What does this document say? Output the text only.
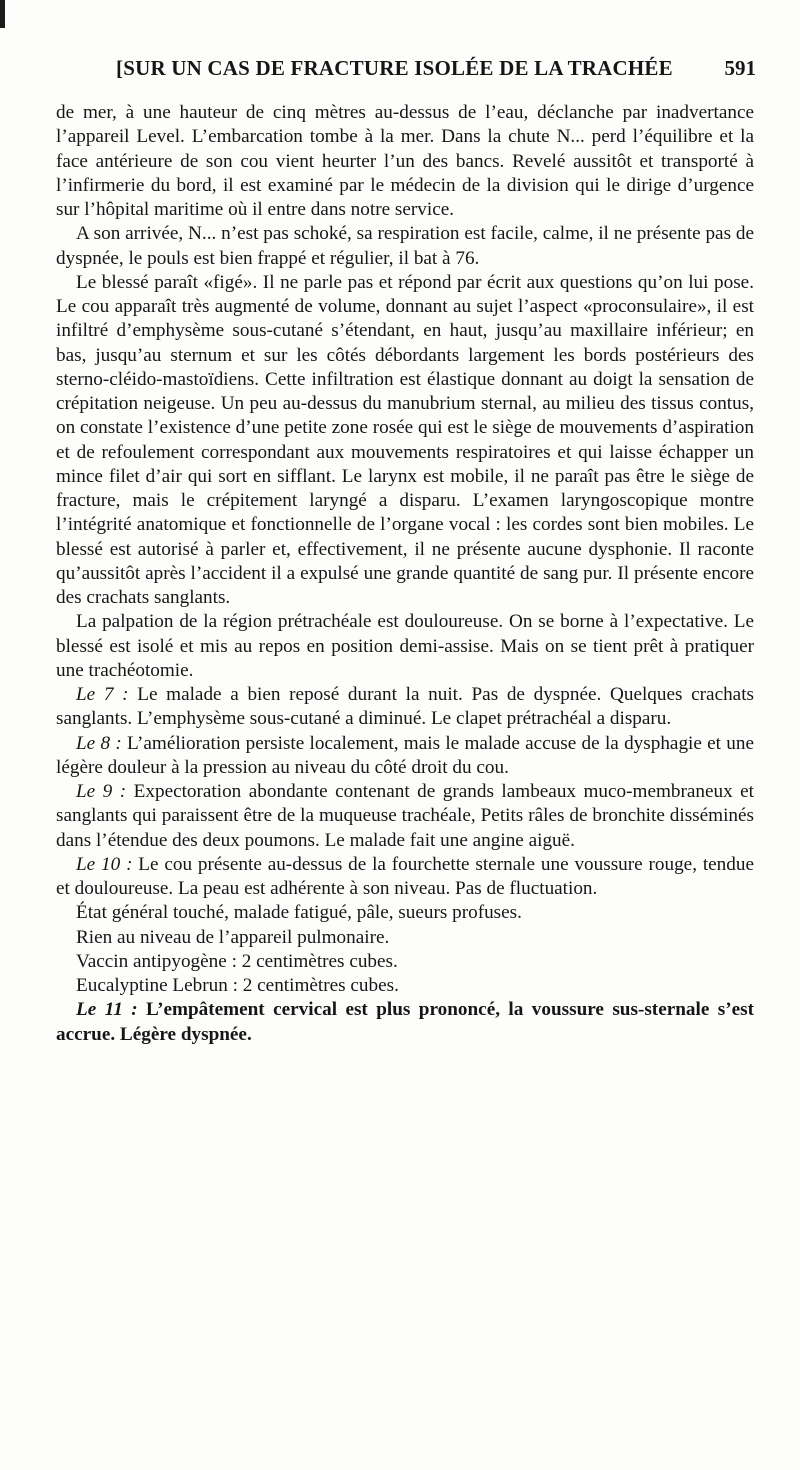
[SUR UN CAS DE FRACTURE ISOLÉE DE LA TRACHÉE 591

de mer, à une hauteur de cinq mètres au-dessus de l’eau, déclanche par inadvertance l’appareil Level. L’embarcation tombe à la mer. Dans la chute N... perd l’équilibre et la face antérieure de son cou vient heurter l’un des bancs. Revelé aussitôt et transporté à l’infirmerie du bord, il est examiné par le médecin de la division qui le dirige d’urgence sur l’hôpital maritime où il entre dans notre service.

A son arrivée, N... n’est pas schoké, sa respiration est facile, calme, il ne présente pas de dyspnée, le pouls est bien frappé et régulier, il bat à 76.

Le blessé paraît «figé». Il ne parle pas et répond par écrit aux questions qu’on lui pose. Le cou apparaît très augmenté de volume, donnant au sujet l’aspect «proconsulaire», il est infiltré d’emphysème sous-cutané s’étendant, en haut, jusqu’au maxillaire inférieur; en bas, jusqu’au sternum et sur les côtés débordants largement les bords postérieurs des sterno-cléido-mastoïdiens. Cette infiltration est élastique donnant au doigt la sensation de crépitation neigeuse. Un peu au-dessus du manubrium sternal, au milieu des tissus contus, on constate l’existence d’une petite zone rosée qui est le siège de mouvements d’aspiration et de refoulement correspondant aux mouvements respiratoires et qui laisse échapper un mince filet d’air qui sort en sifflant. Le larynx est mobile, il ne paraît pas être le siège de fracture, mais le crépitement laryngé a disparu. L’examen laryngoscopique montre l’intégrité anatomique et fonctionnelle de l’organe vocal : les cordes sont bien mobiles. Le blessé est autorisé à parler et, effectivement, il ne présente aucune dysphonie. Il raconte qu’aussitôt après l’accident il a expulsé une grande quantité de sang pur. Il présente encore des crachats sanglants.

La palpation de la région prétrachéale est douloureuse. On se borne à l’expectative. Le blessé est isolé et mis au repos en position demi-assise. Mais on se tient prêt à pratiquer une trachéotomie.

Le 7 : Le malade a bien reposé durant la nuit. Pas de dyspnée. Quelques crachats sanglants. L’emphysème sous-cutané a diminué. Le clapet prétrachéal a disparu.

Le 8 : L’amélioration persiste localement, mais le malade accuse de la dysphagie et une légère douleur à la pression au niveau du côté droit du cou.

Le 9 : Expectoration abondante contenant de grands lambeaux muco-membraneux et sanglants qui paraissent être de la muqueuse trachéale, Petits râles de bronchite disséminés dans l’étendue des deux poumons. Le malade fait une angine aiguë.

Le 10 : Le cou présente au-dessus de la fourchette sternale une voussure rouge, tendue et douloureuse. La peau est adhérente à son niveau. Pas de fluctuation.

État général touché, malade fatigué, pâle, sueurs profuses.

Rien au niveau de l’appareil pulmonaire.

Vaccin antipyogène : 2 centimètres cubes.

Eucalyptine Lebrun : 2 centimètres cubes.

Le 11 : L’empâtement cervical est plus prononcé, la voussure sus-sternale s’est accrue. Légère dyspnée.
